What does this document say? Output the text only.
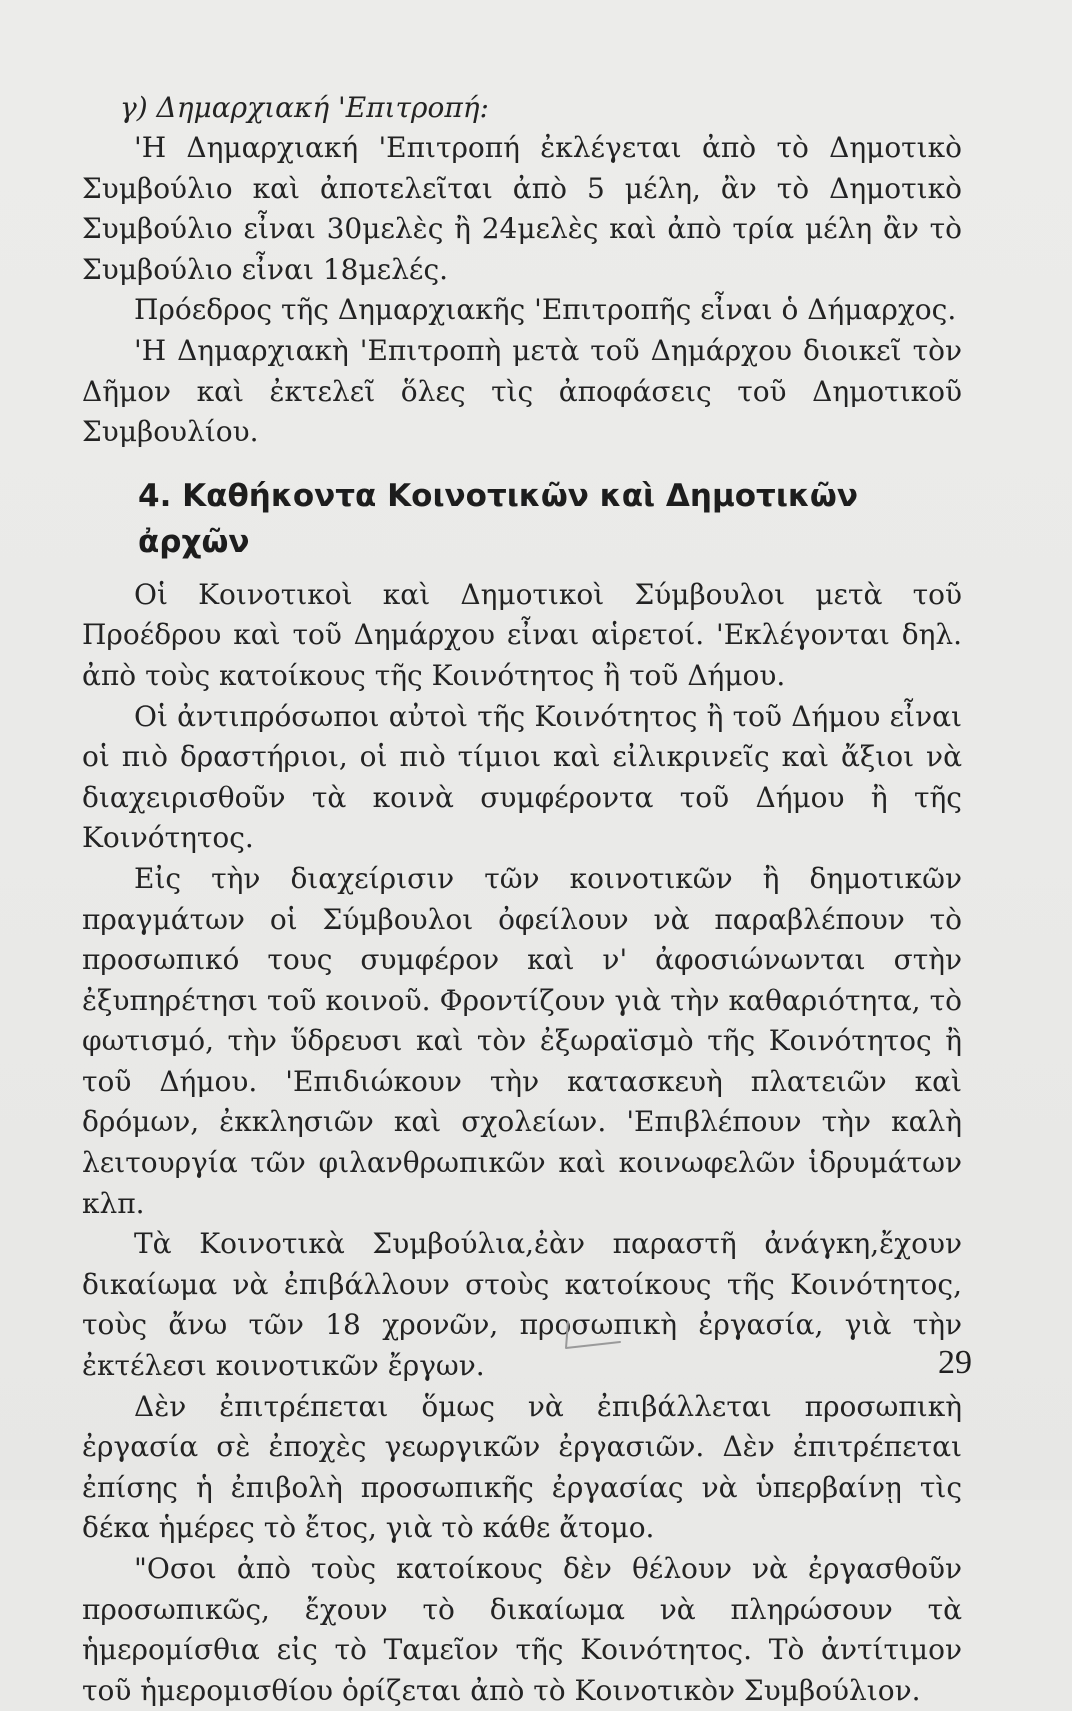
γ) Δημαρχιακή 'Επιτροπή:

'Η Δημαρχιακή 'Επιτροπή ἐκλέγεται ἀπὸ τὸ Δημοτικὸ Συμβούλιο καὶ ἀποτελεῖται ἀπὸ 5 μέλη, ἂν τὸ Δημοτικὸ Συμβούλιο εἶναι 30μελὲς ἢ 24μελὲς καὶ ἀπὸ τρία μέλη ἂν τὸ Συμβούλιο εἶναι 18μελές.

Πρόεδρος τῆς Δημαρχιακῆς 'Επιτροπῆς εἶναι ὁ Δήμαρχος.

'Η Δημαρχιακὴ 'Επιτροπὴ μετὰ τοῦ Δημάρχου διοικεῖ τὸν Δῆμον καὶ ἐκτελεῖ ὅλες τὶς ἀποφάσεις τοῦ Δημοτικοῦ Συμβουλίου.

4. Καθήκοντα Κοινοτικῶν καὶ Δημοτικῶν ἀρχῶν

Οἱ Κοινοτικοὶ καὶ Δημοτικοὶ Σύμβουλοι μετὰ τοῦ Προέδρου καὶ τοῦ Δημάρχου εἶναι αἱρετοί. 'Εκλέγονται δηλ. ἀπὸ τοὺς κατοίκους τῆς Κοινότητος ἢ τοῦ Δήμου.

Οἱ ἀντιπρόσωποι αὐτοὶ τῆς Κοινότητος ἢ τοῦ Δήμου εἶναι οἱ πιὸ δραστήριοι, οἱ πιὸ τίμιοι καὶ εἰλικρινεῖς καὶ ἄξιοι νὰ διαχειρισθοῦν τὰ κοινὰ συμφέροντα τοῦ Δήμου ἢ τῆς Κοινότητος.

Εἰς τὴν διαχείρισιν τῶν κοινοτικῶν ἢ δημοτικῶν πραγμάτων οἱ Σύμβουλοι ὀφείλουν νὰ παραβλέπουν τὸ προσωπικό τους συμφέρον καὶ ν' ἀφοσιώνωνται στὴν ἐξυπηρέτησι τοῦ κοινοῦ. Φροντίζουν γιὰ τὴν καθαριότητα, τὸ φωτισμό, τὴν ὕδρευσι καὶ τὸν ἐξωραϊσμὸ τῆς Κοινότητος ἢ τοῦ Δήμου. 'Επιδιώκουν τὴν κατασκευὴ πλατειῶν καὶ δρόμων, ἐκκλησιῶν καὶ σχολείων. 'Επιβλέπουν τὴν καλὴ λειτουργία τῶν φιλανθρωπικῶν καὶ κοινωφελῶν ἱδρυμάτων κλπ.

Τὰ Κοινοτικὰ Συμβούλια,ἐὰν παραστῆ ἀνάγκη,ἔχουν δικαίωμα νὰ ἐπιβάλλουν στοὺς κατοίκους τῆς Κοινότητος, τοὺς ἄνω τῶν 18 χρονῶν, προσωπικὴ ἐργασία, γιὰ τὴν ἐκτέλεσι κοινοτικῶν ἔργων.

Δὲν ἐπιτρέπεται ὅμως νὰ ἐπιβάλλεται προσωπικὴ ἐργασία σὲ ἐποχὲς γεωργικῶν ἐργασιῶν. Δὲν ἐπιτρέπεται ἐπίσης ἡ ἐπιβολὴ προσωπικῆς ἐργασίας νὰ ὑπερβαίνῃ τὶς δέκα ἡμέρες τὸ ἔτος, γιὰ τὸ κάθε ἄτομο.

"Οσοι ἀπὸ τοὺς κατοίκους δὲν θέλουν νὰ ἐργασθοῦν προσωπικῶς, ἔχουν τὸ δικαίωμα νὰ πληρώσουν τὰ ἡμερομίσθια εἰς τὸ Ταμεῖον τῆς Κοινότητος. Τὸ ἀντίτιμον τοῦ ἡμερομισθίου ὁρίζεται ἀπὸ τὸ Κοινοτικὸν Συμβούλιον.

29
